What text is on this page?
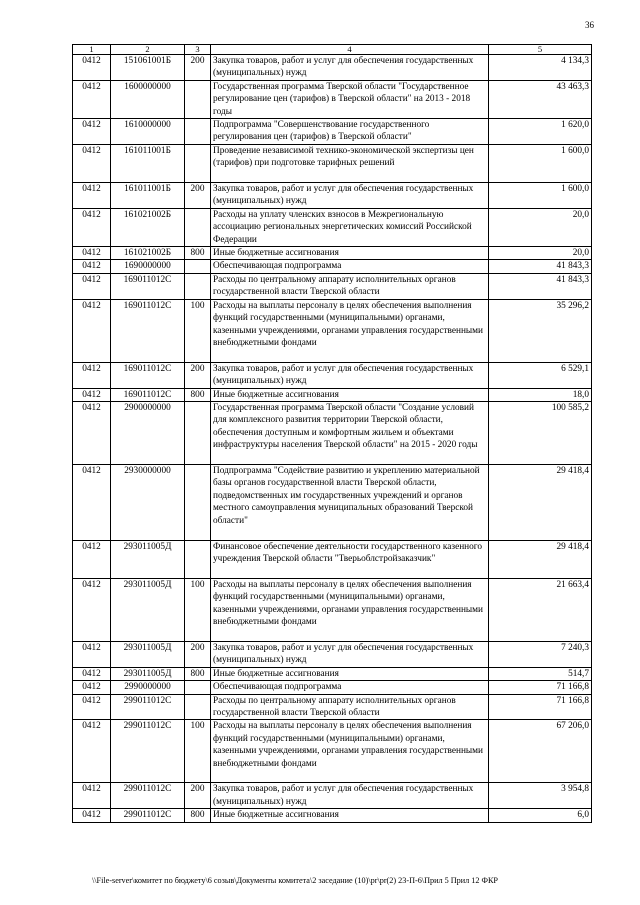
36
1	2	3	4	5
0412	151061001Б	200	Закупка товаров, работ и услуг для обеспечения государственных (муниципальных) нужд	4 134,3
0412	1600000000		Государственная программа Тверской области "Государственное регулирование цен (тарифов) в Тверской области" на 2013 - 2018 годы	43 463,3
0412	1610000000		Подпрограмма "Совершенствование государственного регулирования цен (тарифов) в Тверской области"	1 620,0
0412	161011001Б		Проведение независимой технико-экономической экспертизы цен (тарифов) при подготовке тарифных решений	1 600,0
0412	161011001Б	200	Закупка товаров, работ и услуг для обеспечения государственных (муниципальных) нужд	1 600,0
0412	161021002Б		Расходы на уплату членских взносов в Межрегиональную ассоциацию региональных энергетических комиссий Российской Федерации	20,0
0412	161021002Б	800	Иные бюджетные ассигнования	20,0
0412	1690000000		Обеспечивающая подпрограмма	41 843,3
0412	169011012С		Расходы по центральному аппарату исполнительных органов государственной власти Тверской области	41 843,3
0412	169011012С	100	Расходы на выплаты персоналу в целях обеспечения выполнения функций государственными (муниципальными) органами, казенными учреждениями, органами управления государственными внебюджетными фондами	35 296,2
0412	169011012С	200	Закупка товаров, работ и услуг для обеспечения государственных (муниципальных) нужд	6 529,1
0412	169011012С	800	Иные бюджетные ассигнования	18,0
0412	2900000000		Государственная программа Тверской области "Создание условий для комплексного развития территории Тверской области, обеспечения доступным и комфортным жильем и объектами инфраструктуры населения Тверской области" на 2015 - 2020 годы	100 585,2
0412	2930000000		Подпрограмма "Содействие развитию и укреплению материальной базы органов государственной власти Тверской области, подведомственных им государственных учреждений и органов местного самоуправления муниципальных образований Тверской области"	29 418,4
0412	293011005Д		Финансовое обеспечение деятельности государственного казенного учреждения Тверской области "Тверьоблстройзаказчик"	29 418,4
0412	293011005Д	100	Расходы на выплаты персоналу в целях обеспечения выполнения функций государственными (муниципальными) органами, казенными учреждениями, органами управления государственными внебюджетными фондами	21 663,4
0412	293011005Д	200	Закупка товаров, работ и услуг для обеспечения государственных (муниципальных) нужд	7 240,3
0412	293011005Д	800	Иные бюджетные ассигнования	514,7
0412	2990000000		Обеспечивающая подпрограмма	71 166,8
0412	299011012С		Расходы по центральному аппарату исполнительных органов государственной власти Тверской области	71 166,8
0412	299011012С	100	Расходы на выплаты персоналу в целях обеспечения выполнения функций государственными (муниципальными) органами, казенными учреждениями, органами управления государственными внебюджетными фондами	67 206,0
0412	299011012С	200	Закупка товаров, работ и услуг для обеспечения государственных (муниципальных) нужд	3 954,8
0412	299011012С	800	Иные бюджетные ассигнования	6,0
\\File-server\комитет по бюджету\6 созыв\Документы комитета\2 заседание (10)\pr\pr(2) 23-П-6\Прил 5 Прил 12 ФКР
